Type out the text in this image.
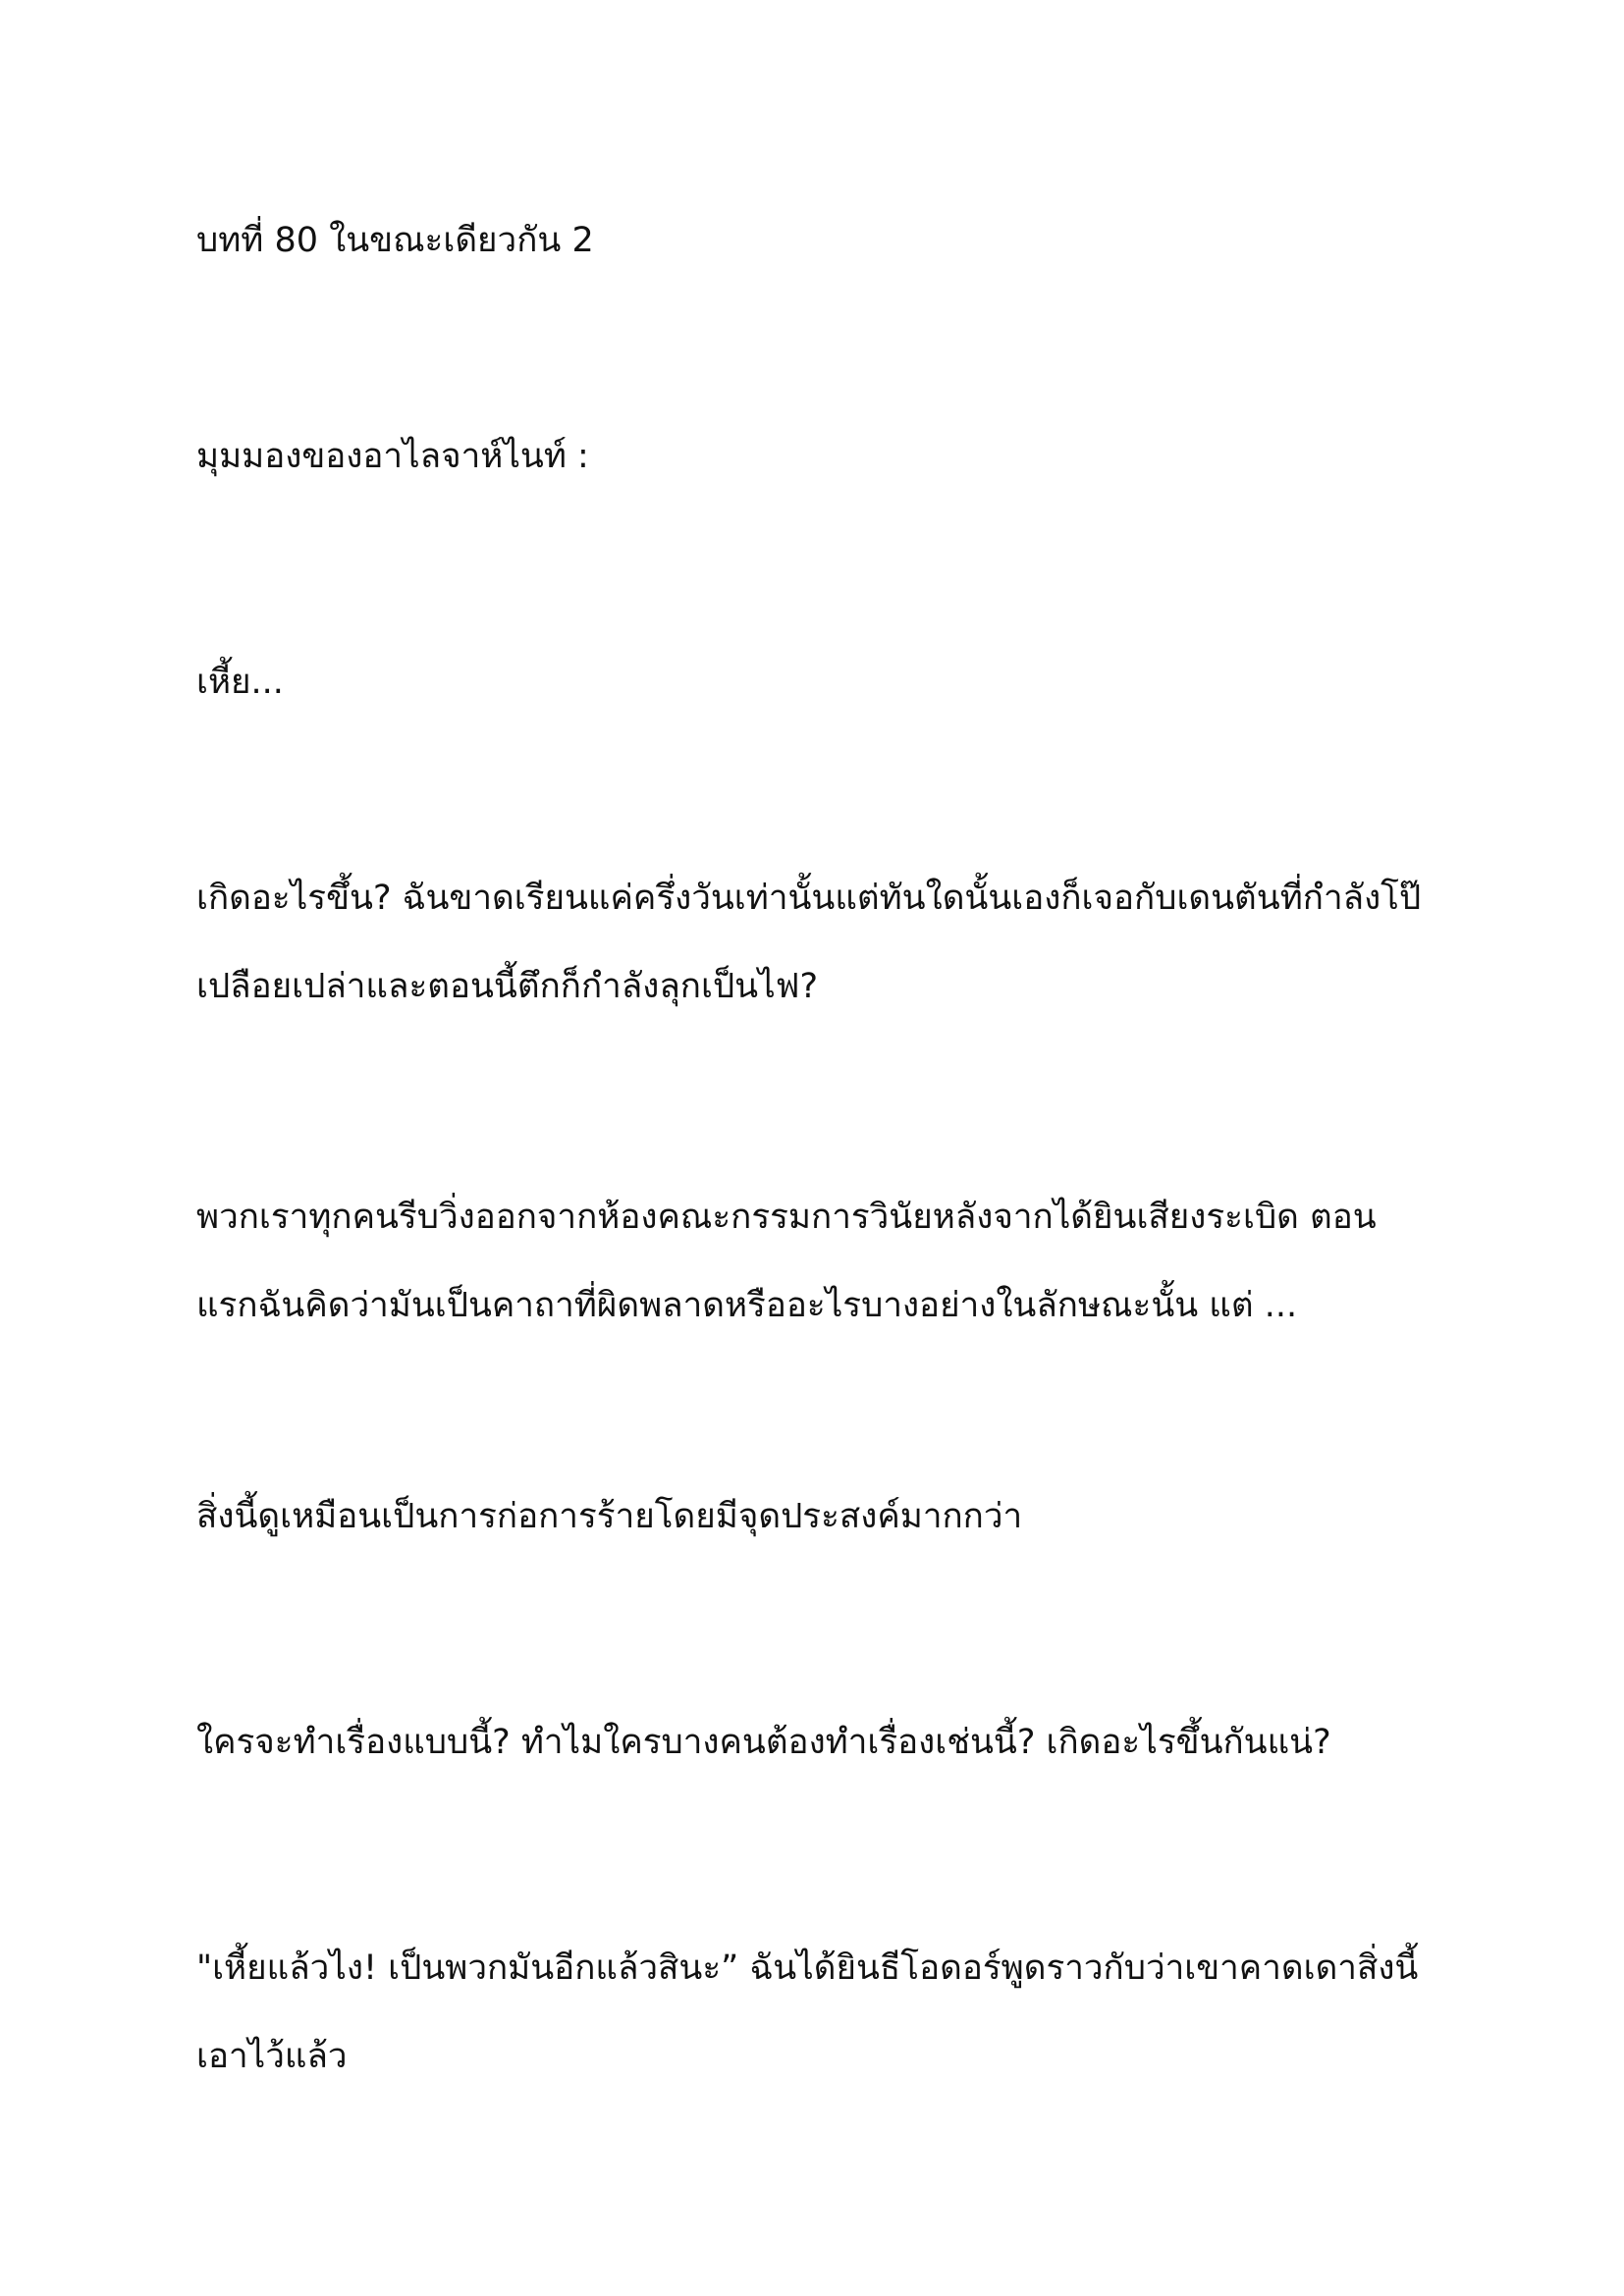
บทที่ 80 ในขณะเดียวกัน 2
มุมมองของอาไลจาห์ไนท์ :
เหี้ย...
เกิดอะไรขึ้น? ฉันขาดเรียนแค่ครึ่งวันเท่านั้นแต่ทันใดนั้นเองก็เจอกับเดนตันที่กำลังโป๊
เปลือยเปล่าและตอนนี้ตึกก็กำลังลุกเป็นไฟ?
พวกเราทุกคนรีบวิ่งออกจากห้องคณะกรรมการวินัยหลังจากได้ยินเสียงระเบิด ตอน
แรกฉันคิดว่ามันเป็นคาถาที่ผิดพลาดหรืออะไรบางอย่างในลักษณะนั้น แต่ ...
สิ่งนี้ดูเหมือนเป็นการก่อการร้ายโดยมีจุดประสงค์มากกว่า
ใครจะทำเรื่องแบบนี้? ทำไมใครบางคนต้องทำเรื่องเช่นนี้? เกิดอะไรขึ้นกันแน่?
"เหี้ยแล้วไง! เป็นพวกมันอีกแล้วสินะ” ฉันได้ยินธีโอดอร์พูดราวกับว่าเขาคาดเดาสิ่งนี้
เอาไว้แล้ว
